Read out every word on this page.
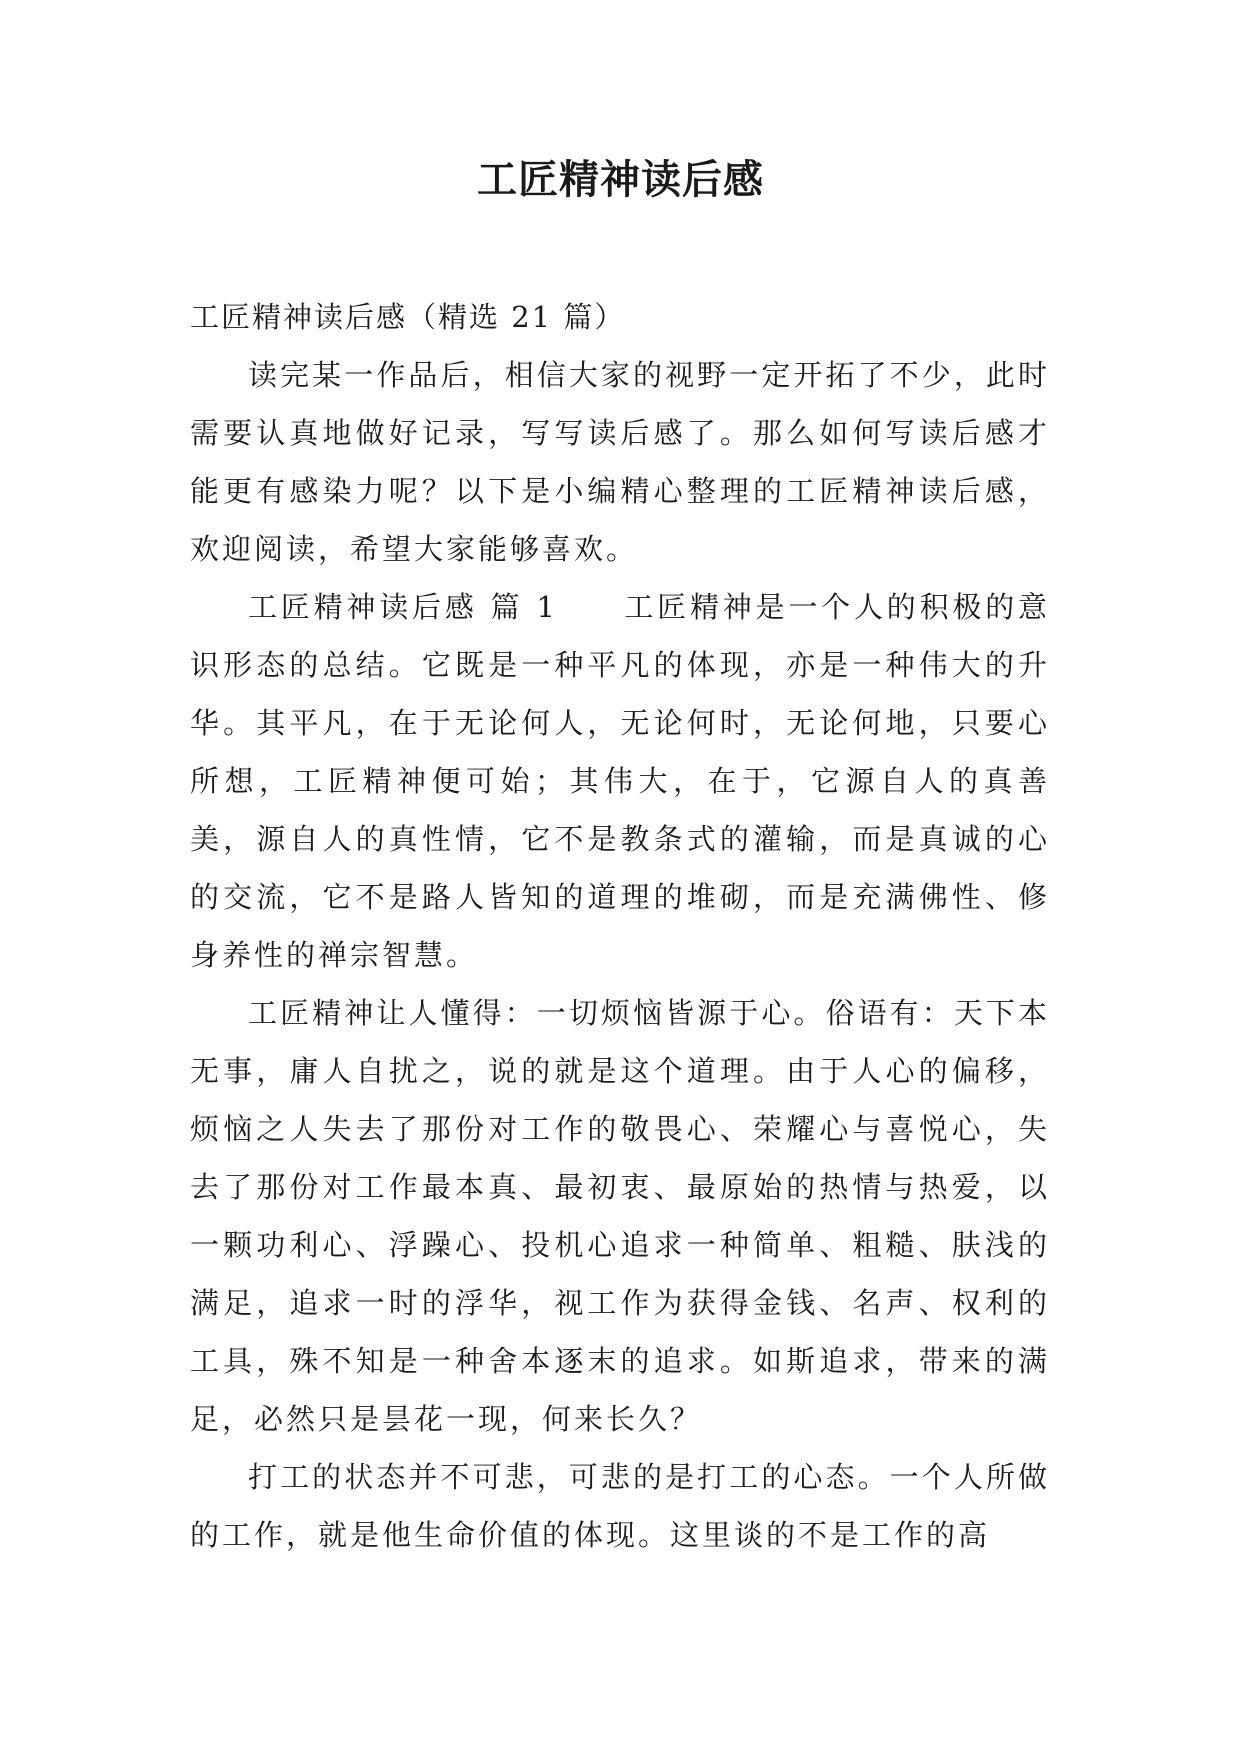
工匠精神读后感

工匠精神读后感（精选 21 篇）

读完某一作品后，相信大家的视野一定开拓了不少，此时需要认真地做好记录，写写读后感了。那么如何写读后感才能更有感染力呢？以下是小编精心整理的工匠精神读后感，欢迎阅读，希望大家能够喜欢。

工匠精神读后感 篇 1　　工匠精神是一个人的积极的意识形态的总结。它既是一种平凡的体现，亦是一种伟大的升华。其平凡，在于无论何人，无论何时，无论何地，只要心所想，工匠精神便可始；其伟大，在于，它源自人的真善美，源自人的真性情，它不是教条式的灌输，而是真诚的心的交流，它不是路人皆知的道理的堆砌，而是充满佛性、修身养性的禅宗智慧。

工匠精神让人懂得：一切烦恼皆源于心。俗语有：天下本无事，庸人自扰之，说的就是这个道理。由于人心的偏移，烦恼之人失去了那份对工作的敬畏心、荣耀心与喜悦心，失去了那份对工作最本真、最初衷、最原始的热情与热爱，以一颗功利心、浮躁心、投机心追求一种简单、粗糙、肤浅的满足，追求一时的浮华，视工作为获得金钱、名声、权利的工具，殊不知是一种舍本逐末的追求。如斯追求，带来的满足，必然只是昙花一现，何来长久？

打工的状态并不可悲，可悲的是打工的心态。一个人所做的工作，就是他生命价值的体现。这里谈的不是工作的高
